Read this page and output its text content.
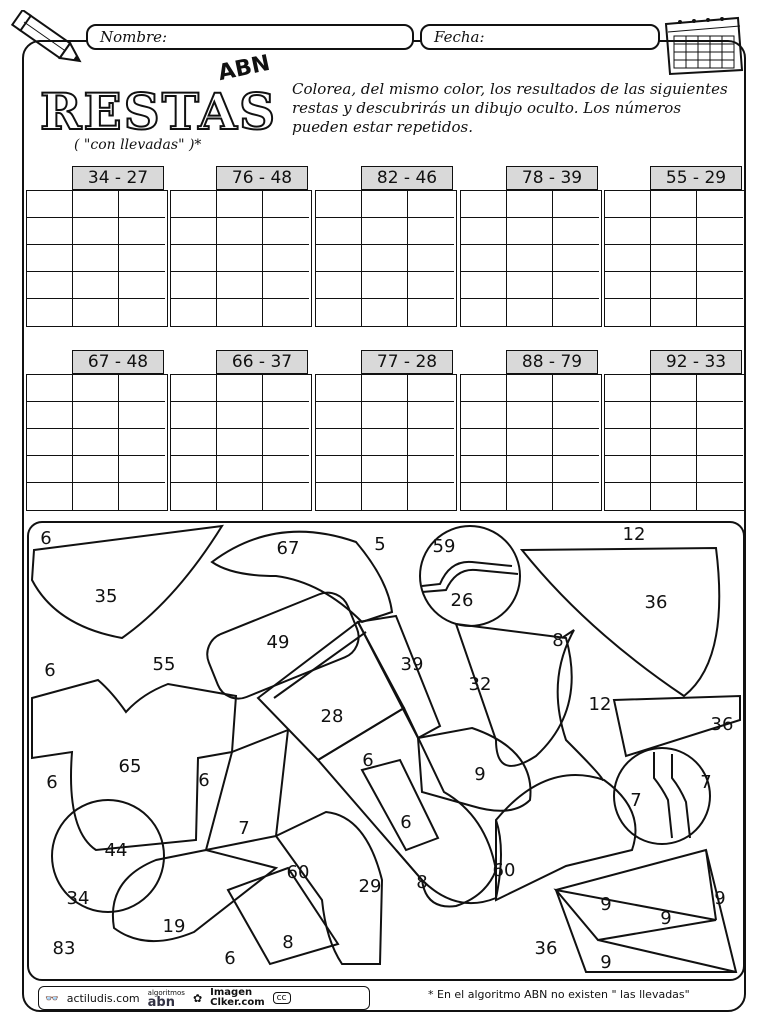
Nombre:	Fecha:
RESTAS
ABN
( "con llevadas" )*
Colorea, del mismo color, los resultados de las siguientes restas y descubrirás un dibujo oculto. Los números pueden estar repetidos.
34 - 27	76 - 48	82 - 46	78 - 39	55 - 29
67 - 48	66 - 37	77 - 28	88 - 79	92 - 33
6	67	5	59
12
35	26	36
49	8
6	55	39
32
28
12
36
65
6	6
6
9	7
7
7	6
44
60
29 8
60
34
19
9
9
9
83	8
6	36
9
👓 actiludis.com algoritmos
abn	✿ Imagen
Clker.com	cc	* En el algoritmo ABN no existen " las llevadas"
